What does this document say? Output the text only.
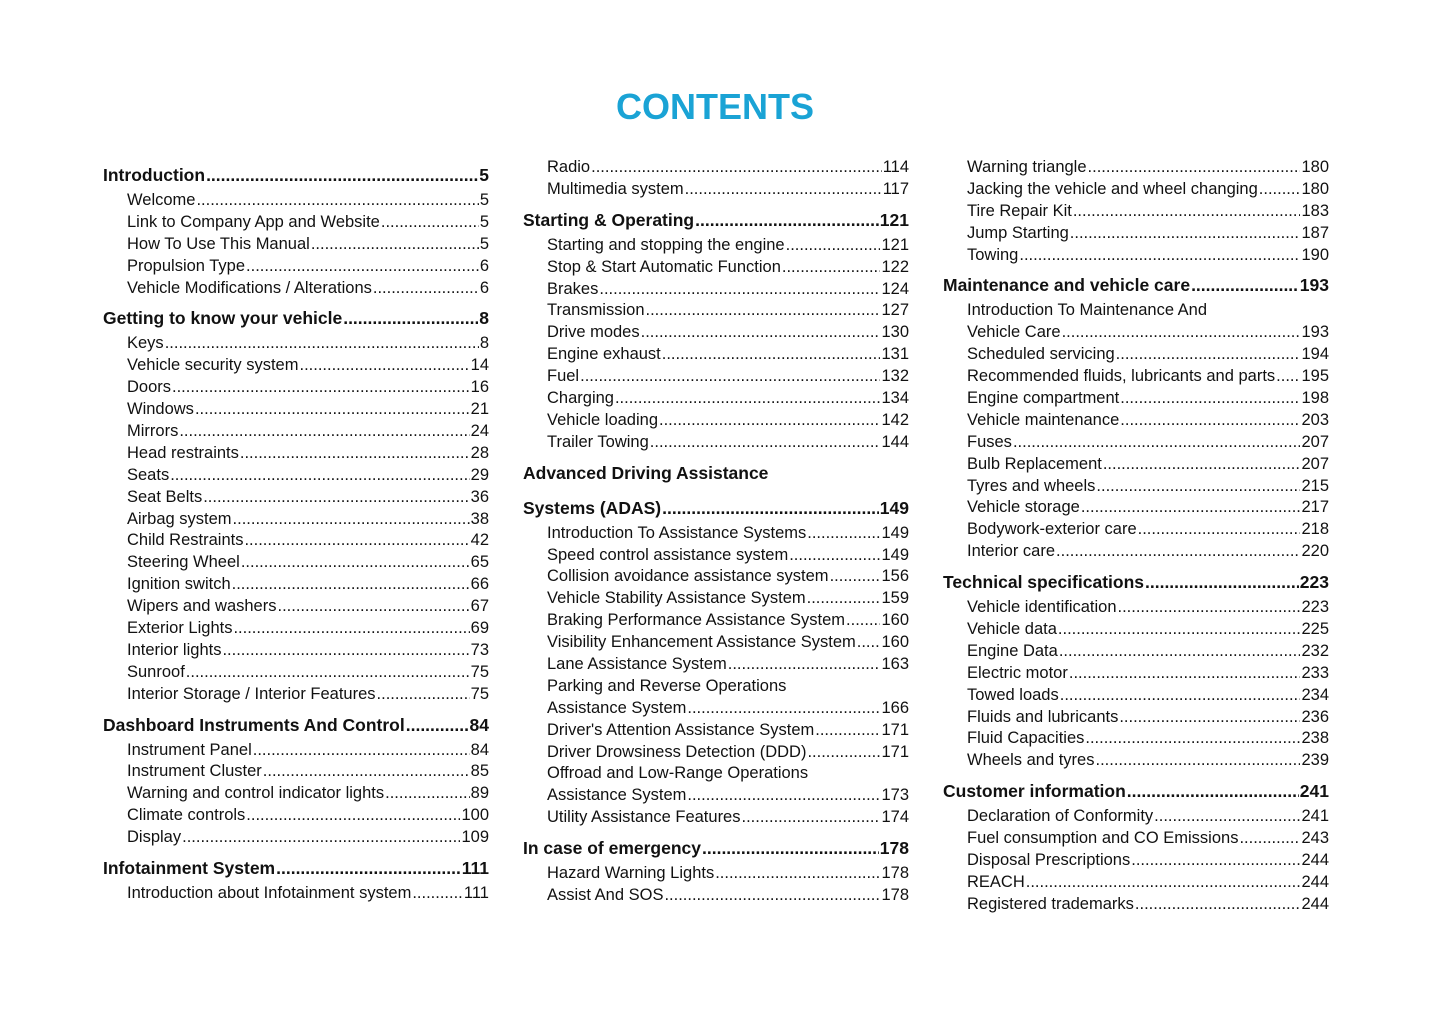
CONTENTS
Introduction .....	5
Welcome .....	5
Link to Company App and Website .....	5
How To Use This Manual .....	5
Propulsion Type .....	6
Vehicle Modifications / Alterations .....	6
Getting to know your vehicle .....	8
Keys .....	8
Vehicle security system .....	14
Doors .....	16
Windows .....	21
Mirrors .....	24
Head restraints .....	28
Seats .....	29
Seat Belts .....	36
Airbag system .....	38
Child Restraints .....	42
Steering Wheel .....	65
Ignition switch .....	66
Wipers and washers .....	67
Exterior Lights .....	69
Interior lights .....	73
Sunroof .....	75
Interior Storage / Interior Features .....	75
Dashboard Instruments And Control .....	84
Instrument Panel .....	84
Instrument Cluster .....	85
Warning and control indicator lights .....	89
Climate controls .....	100
Display .....	109
Infotainment System .....	111
Introduction about Infotainment system .....	111
Radio .....	114
Multimedia system .....	117
Starting & Operating .....	121
Starting and stopping the engine .....	121
Stop & Start Automatic Function .....	122
Brakes .....	124
Transmission .....	127
Drive modes .....	130
Engine exhaust .....	131
Fuel .....	132
Charging .....	134
Vehicle loading .....	142
Trailer Towing .....	144
Advanced Driving Assistance
Systems (ADAS) .....	149
Introduction To Assistance Systems .....	149
Speed control assistance system .....	149
Collision avoidance assistance system .....	156
Vehicle Stability Assistance System .....	159
Braking Performance Assistance System ..... 160
Visibility Enhancement Assistance System ..... 160
Lane Assistance System .....	163
Parking and Reverse Operations
Assistance System .....	166
Driver's Attention Assistance System .....	171
Driver Drowsiness Detection (DDD) .....	171
Offroad and Low-Range Operations
Assistance System .....	173
Utility Assistance Features .....	174
In case of emergency .....	178
Hazard Warning Lights .....	178
Assist And SOS .....	178
Warning triangle .....	180
Jacking the vehicle and wheel changing .....	180
Tire Repair Kit .....	183
Jump Starting .....	187
Towing .....	190
Maintenance and vehicle care .....	193
Introduction To Maintenance And
Vehicle Care .....	193
Scheduled servicing .....	194
Recommended fluids, lubricants and parts ..... 195
Engine compartment .....	198
Vehicle maintenance .....	203
Fuses .....	207
Bulb Replacement .....	207
Tyres and wheels .....	215
Vehicle storage .....	217
Bodywork-exterior care .....	218
Interior care .....	220
Technical specifications .....	223
Vehicle identification .....	223
Vehicle data .....	225
Engine Data .....	232
Electric motor .....	233
Towed loads .....	234
Fluids and lubricants .....	236
Fluid Capacities .....	238
Wheels and tyres .....	239
Customer information .....	241
Declaration of Conformity .....	241
Fuel consumption and CO Emissions .....	243
Disposal Prescriptions .....	244
REACH .....	244
Registered trademarks .....	244
